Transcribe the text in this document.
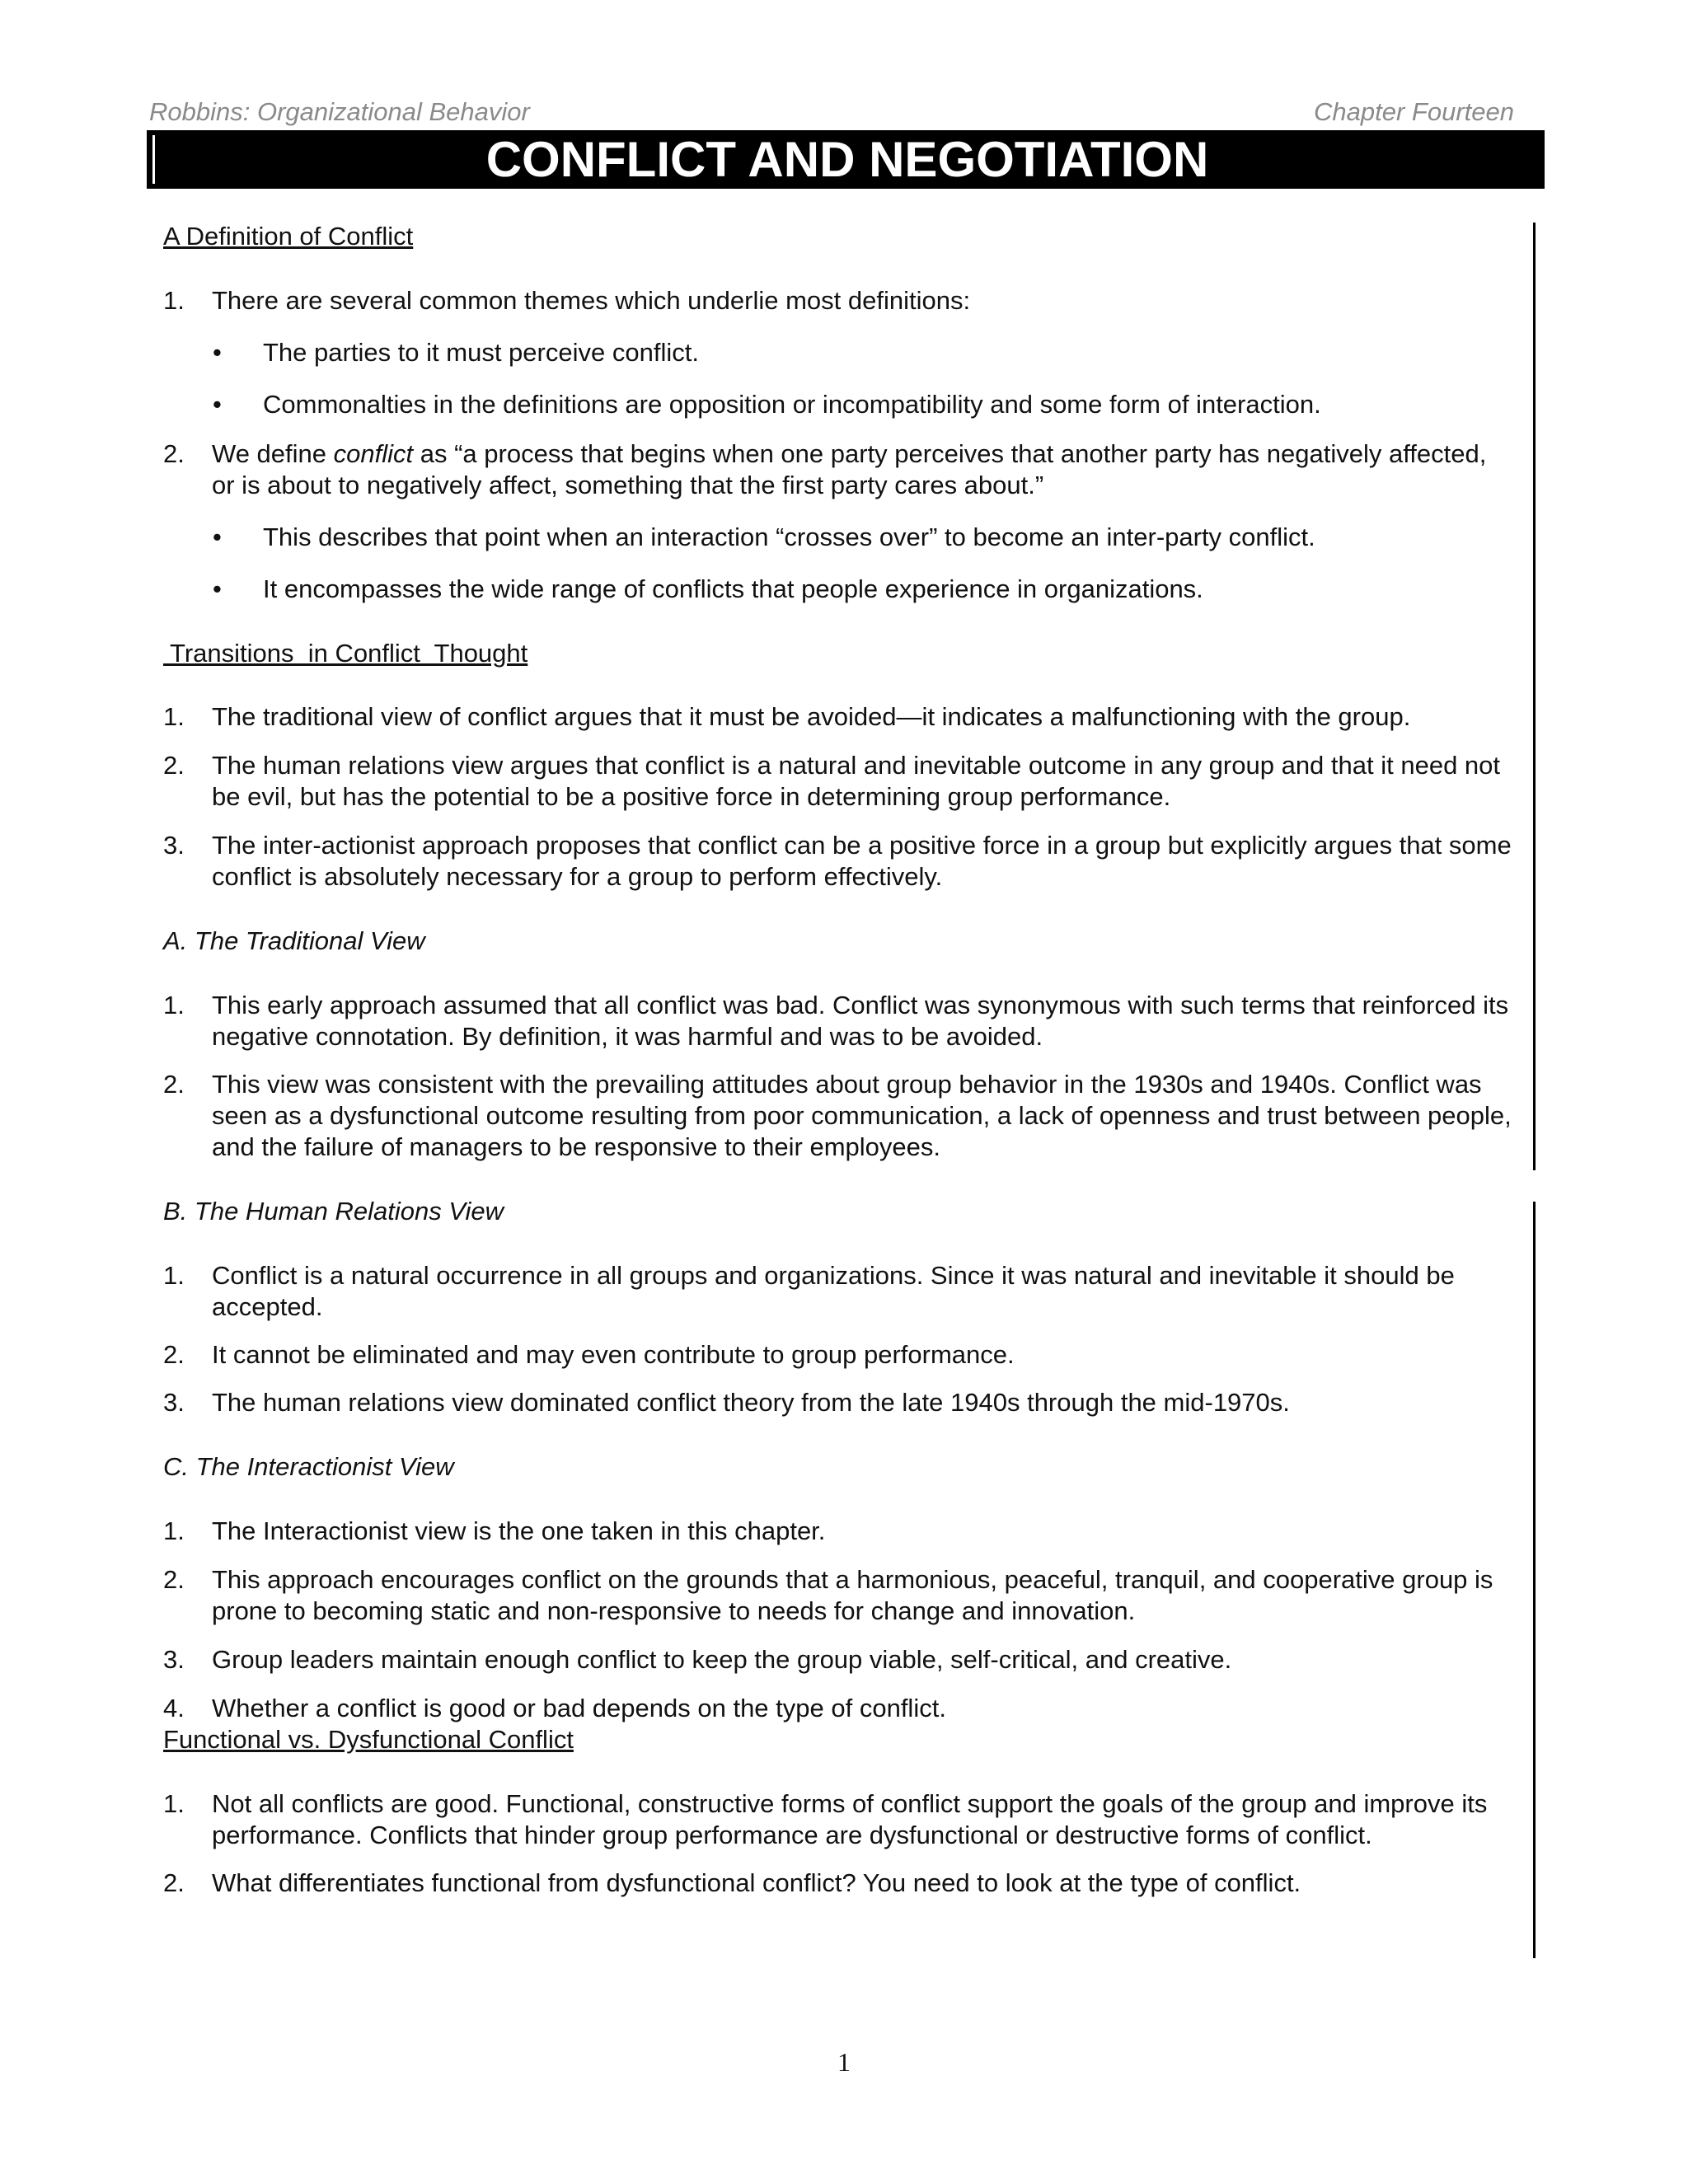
Robbins: Organizational Behavior	Chapter Fourteen
CONFLICT AND NEGOTIATION

A Definition of Conflict

1. There are several common themes which underlie most definitions:

• The parties to it must perceive conflict.

• Commonalties in the definitions are opposition or incompatibility and some form of interaction.

2. We define conflict as “a process that begins when one party perceives that another party has negatively affected, or is about to negatively affect, something that the first party cares about.”

• This describes that point when an interaction “crosses over” to become an inter-party conflict.

• It encompasses the wide range of conflicts that people experience in organizations.

Transitions  in Conflict  Thought

1. The traditional view of conflict argues that it must be avoided—it indicates a malfunctioning with the group.

2. The human relations view argues that conflict is a natural and inevitable outcome in any group and that it need not be evil, but has the potential to be a positive force in determining group performance.

3. The inter-actionist approach proposes that conflict can be a positive force in a group but explicitly argues that some conflict is absolutely necessary for a group to perform effectively.

A. The Traditional View

1. This early approach assumed that all conflict was bad. Conflict was synonymous with such terms that reinforced its negative connotation. By definition, it was harmful and was to be avoided.

2. This view was consistent with the prevailing attitudes about group behavior in the 1930s and 1940s. Conflict was seen as a dysfunctional outcome resulting from poor communication, a lack of openness and trust between people, and the failure of managers to be responsive to their employees.

B. The Human Relations View

1. Conflict is a natural occurrence in all groups and organizations. Since it was natural and inevitable it should be accepted.

2. It cannot be eliminated and may even contribute to group performance.

3. The human relations view dominated conflict theory from the late 1940s through the mid-1970s.

C. The Interactionist View

1. The Interactionist view is the one taken in this chapter.

2. This approach encourages conflict on the grounds that a harmonious, peaceful, tranquil, and cooperative group is prone to becoming static and non-responsive to needs for change and innovation.

3. Group leaders maintain enough conflict to keep the group viable, self-critical, and creative.

4. Whether a conflict is good or bad depends on the type of conflict.

Functional vs. Dysfunctional Conflict

1. Not all conflicts are good. Functional, constructive forms of conflict support the goals of the group and improve its performance. Conflicts that hinder group performance are dysfunctional or destructive forms of conflict.

2. What differentiates functional from dysfunctional conflict? You need to look at the type of conflict.

1
